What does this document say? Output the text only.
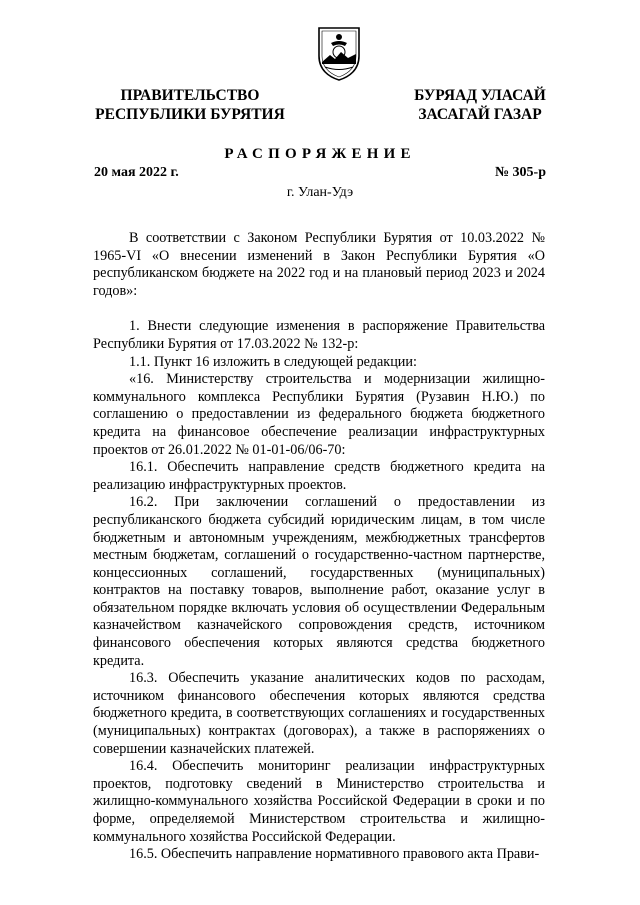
ПРАВИТЕЛЬСТВО
РЕСПУБЛИКИ БУРЯТИЯ
БУРЯАД УЛАСАЙ
ЗАСАГАЙ ГАЗАР
РАСПОРЯЖЕНИЕ
20 мая 2022 г.	№ 305-р
г. Улан-Удэ

В соответствии с Законом Республики Бурятия от 10.03.2022 № 1965-VI «О внесении изменений в Закон Республики Бурятия «О республиканском бюджете на 2022 год и на плановый период 2023 и 2024 годов»:

1. Внести следующие изменения в распоряжение Правительства Республики Бурятия от 17.03.2022 № 132-р:

1.1. Пункт 16 изложить в следующей редакции:

«16. Министерству строительства и модернизации жилищно-коммунального комплекса Республики Бурятия (Рузавин Н.Ю.) по соглашению о предоставлении из федерального бюджета бюджетного кредита на финансовое обеспечение реализации инфраструктурных проектов от 26.01.2022 № 01-01-06/06-70:

16.1. Обеспечить направление средств бюджетного кредита на реализацию инфраструктурных проектов.

16.2. При заключении соглашений о предоставлении из республиканского бюджета субсидий юридическим лицам, в том числе бюджетным и автономным учреждениям, межбюджетных трансфертов местным бюджетам, соглашений о государственно-частном партнерстве, концессионных соглашений, государственных (муниципальных) контрактов на поставку товаров, выполнение работ, оказание услуг в обязательном порядке включать условия об осуществлении Федеральным казначейством казначейского сопровождения средств, источником финансового обеспечения которых являются средства бюджетного кредита.

16.3. Обеспечить указание аналитических кодов по расходам, источником финансового обеспечения которых являются средства бюджетного кредита, в соответствующих соглашениях и государственных (муниципальных) контрактах (договорах), а также в распоряжениях о совершении казначейских платежей.

16.4. Обеспечить мониторинг реализации инфраструктурных проектов, подготовку сведений в Министерство строительства и жилищно-коммунального хозяйства Российской Федерации в сроки и по форме, определяемой Министерством строительства и жилищно-коммунального хозяйства Российской Федерации.

16.5. Обеспечить направление нормативного правового акта Прави-
